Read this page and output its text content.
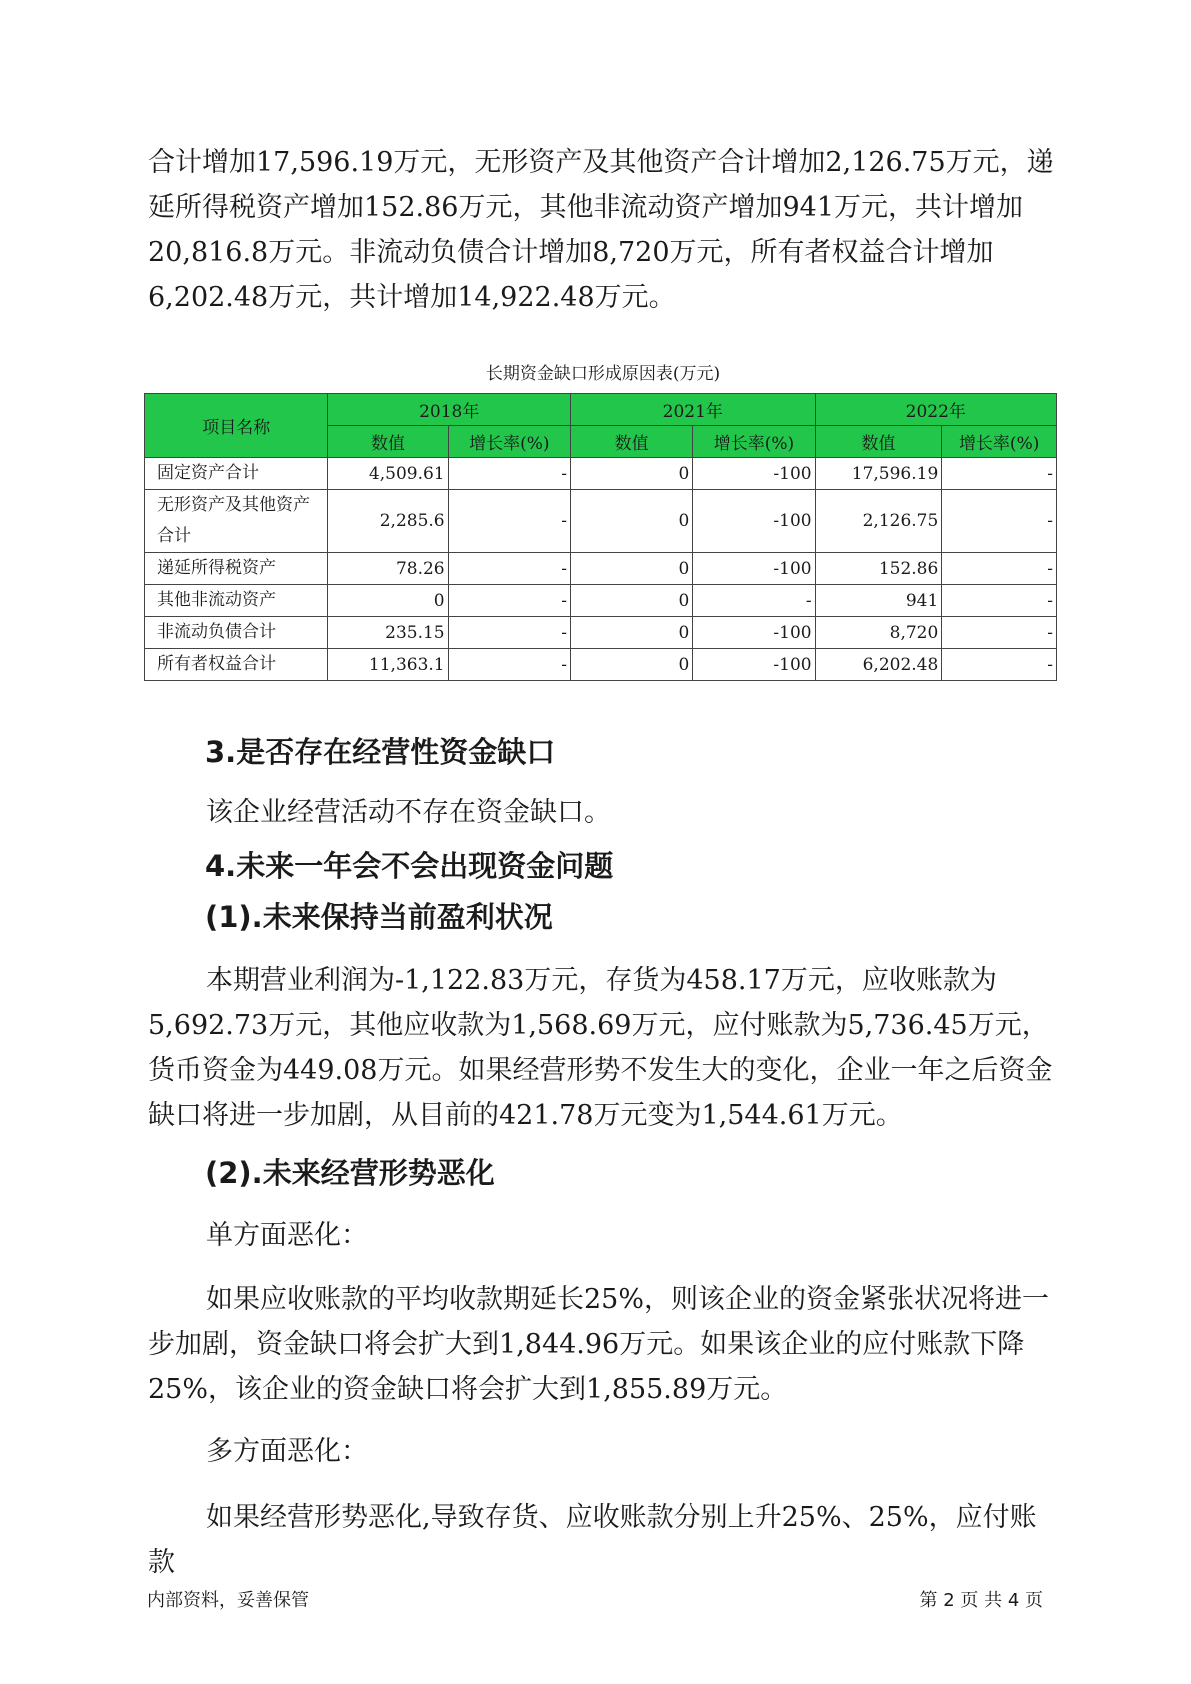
合计增加17,596.19万元，无形资产及其他资产合计增加2,126.75万元，递延所得税资产增加152.86万元，其他非流动资产增加941万元，共计增加20,816.8万元。非流动负债合计增加8,720万元，所有者权益合计增加6,202.48万元，共计增加14,922.48万元。

长期资金缺口形成原因表(万元)
项目名称	2018年		2021年		2022年	
	数值	增长率(%)	数值	增长率(%)	数值	增长率(%)
固定资产合计	4,509.61	-	0	-100	17,596.19	-
无形资产及其他资产合计	2,285.6	-	0	-100	2,126.75	-
递延所得税资产	78.26	-	0	-100	152.86	-
其他非流动资产	0	-	0	-	941	-
非流动负债合计	235.15	-	0	-100	8,720	-
所有者权益合计	11,363.1	-	0	-100	6,202.48	-
3.是否存在经营性资金缺口

该企业经营活动不存在资金缺口。

4.未来一年会不会出现资金问题
(1).未来保持当前盈利状况

本期营业利润为-1,122.83万元，存货为458.17万元，应收账款为5,692.73万元，其他应收款为1,568.69万元，应付账款为5,736.45万元，货币资金为449.08万元。如果经营形势不发生大的变化，企业一年之后资金缺口将进一步加剧，从目前的421.78万元变为1,544.61万元。

(2).未来经营形势恶化

单方面恶化：

如果应收账款的平均收款期延长25%，则该企业的资金紧张状况将进一步加剧，资金缺口将会扩大到1,844.96万元。如果该企业的应付账款下降25%，该企业的资金缺口将会扩大到1,855.89万元。

多方面恶化：

如果经营形势恶化,导致存货、应收账款分别上升25%、25%，应付账款

内部资料，妥善保管	第 2 页 共 4 页
